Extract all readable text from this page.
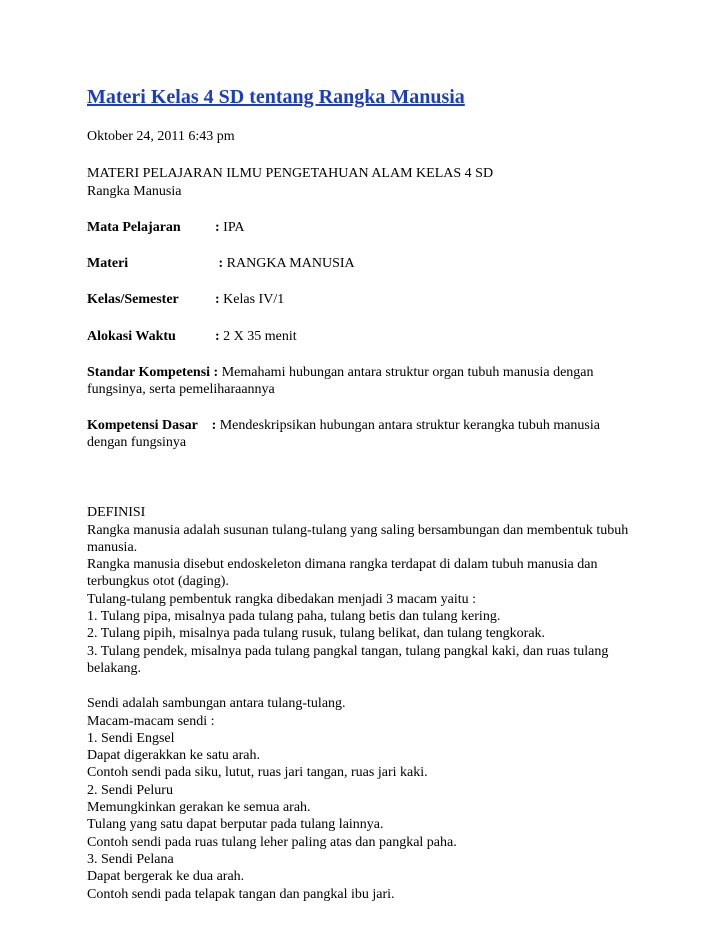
Materi Kelas 4 SD tentang Rangka Manusia

Oktober 24, 2011 6:43 pm

MATERI PELAJARAN ILMU PENGETAHUAN ALAM KELAS 4 SD
Rangka Manusia
Mata Pelajaran	: IPA
Materi	: RANGKA MANUSIA
Kelas/Semester	: Kelas IV/1
Alokasi Waktu	: 2 X 35 menit
Standar Kompetensi : Memahami hubungan antara struktur organ tubuh manusia dengan
fungsinya, serta pemeliharaannya
Kompetensi Dasar    : Mendeskripsikan hubungan antara struktur kerangka tubuh manusia
dengan fungsinya
DEFINISI
Rangka manusia adalah susunan tulang-tulang yang saling bersambungan dan membentuk tubuh
manusia.
Rangka manusia disebut endoskeleton dimana rangka terdapat di dalam tubuh manusia dan
terbungkus otot (daging).
Tulang-tulang pembentuk rangka dibedakan menjadi 3 macam yaitu :
1. Tulang pipa, misalnya pada tulang paha, tulang betis dan tulang kering.
2. Tulang pipih, misalnya pada tulang rusuk, tulang belikat, dan tulang tengkorak.
3. Tulang pendek, misalnya pada tulang pangkal tangan, tulang pangkal kaki, dan ruas tulang
belakang.
Sendi adalah sambungan antara tulang-tulang.
Macam-macam sendi :
1. Sendi Engsel
Dapat digerakkan ke satu arah.
Contoh sendi pada siku, lutut, ruas jari tangan, ruas jari kaki.
2. Sendi Peluru
Memungkinkan gerakan ke semua arah.
Tulang yang satu dapat berputar pada tulang lainnya.
Contoh sendi pada ruas tulang leher paling atas dan pangkal paha.
3. Sendi Pelana
Dapat bergerak ke dua arah.
Contoh sendi pada telapak tangan dan pangkal ibu jari.
